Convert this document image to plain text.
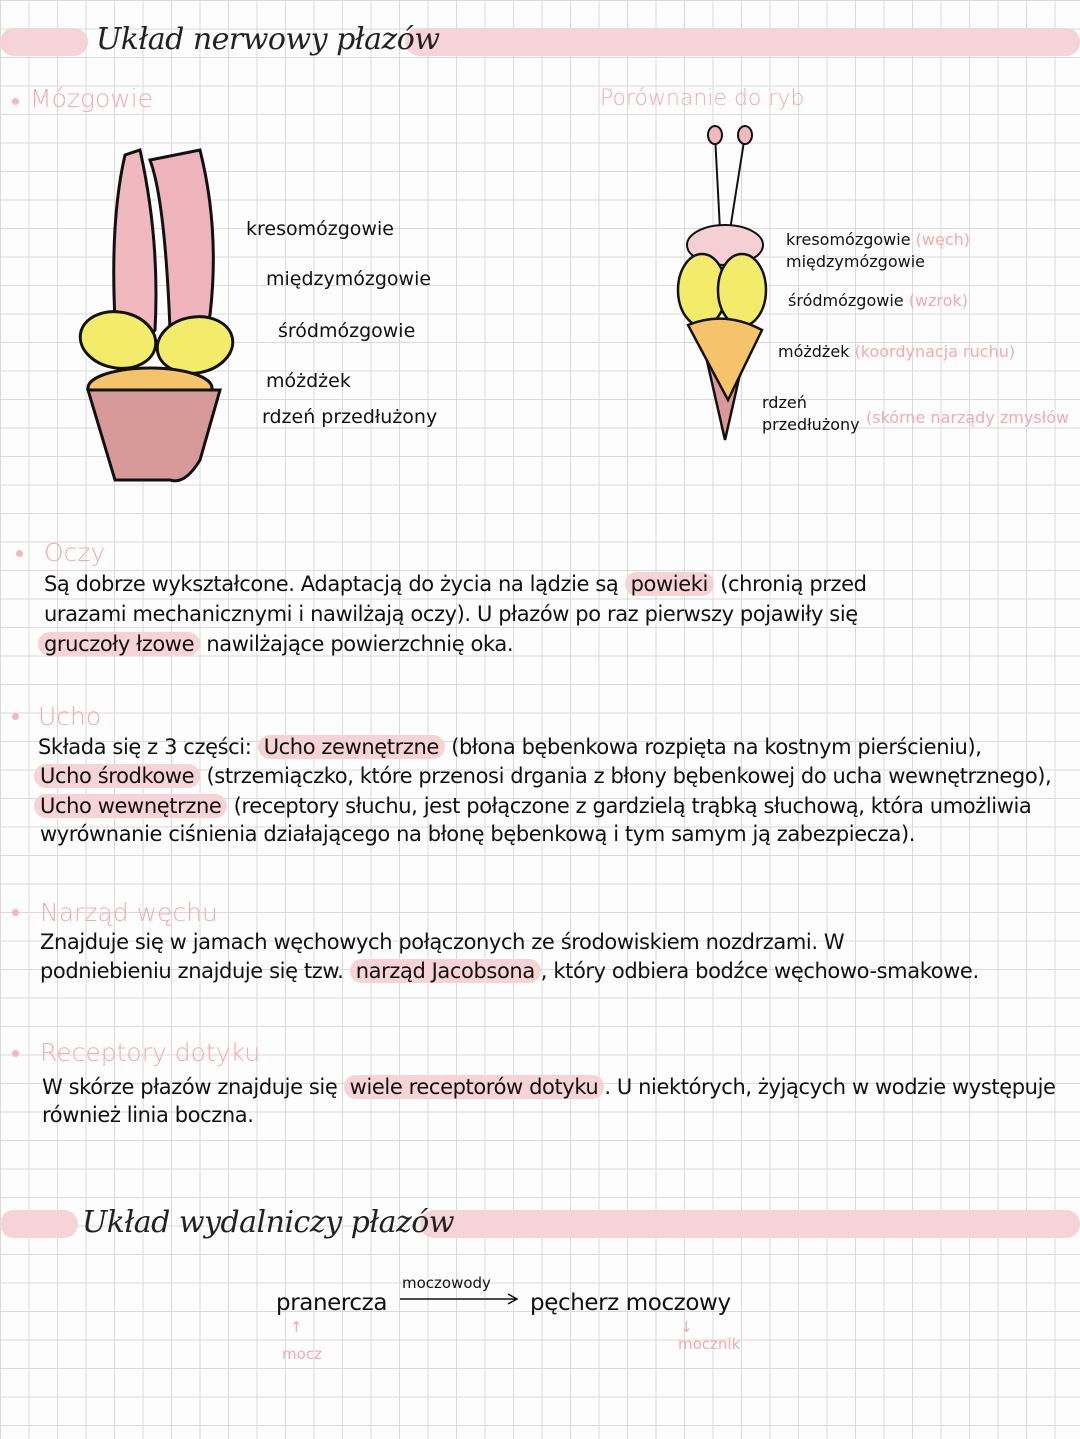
Układ nerwowy płazów
Mózgowie	Porównanie do ryb
kresomózgowie
międzymózgowie
śródmózgowie
móżdżek
rdzeń przedłużony
kresomózgowie (węch)
międzymózgowie
śródmózgowie (wzrok)
móżdżek (koordynacja ruchu)
rdzeń przedłużony (skórne narządy zmysłów
Oczy
Są dobrze wykształcone. Adaptacją do życia na lądzie są powieki (chronią przed
urazami mechanicznymi i nawilżają oczy). U płazów po raz pierwszy pojawiły się
gruczoły łzowe nawilżające powierzchnię oka.
Ucho
Składa się z 3 części: Ucho zewnętrzne (błona bębenkowa rozpięta na kostnym pierścieniu),
Ucho środkowe (strzemiączko, które przenosi drgania z błony bębenkowej do ucha wewnętrznego),
Ucho wewnętrzne (receptory słuchu, jest połączone z gardzielą trąbką słuchową, która umożliwia
wyrównanie ciśnienia działającego na błonę bębenkową i tym samym ją zabezpiecza).
Narząd węchu
Znajduje się w jamach węchowych połączonych ze środowiskiem nozdrzami. W
podniebieniu znajduje się tzw. narząd Jacobsona , który odbiera bodźce węchowo-smakowe.
Receptory dotyku
W skórze płazów znajduje się wiele receptorów dotyku . U niektórych, żyjących w wodzie występuje
również linia boczna.
Układ wydalniczy płazów
pranercza
moczowody
pęcherz moczowy
mocz
↑
mocznik
↓
